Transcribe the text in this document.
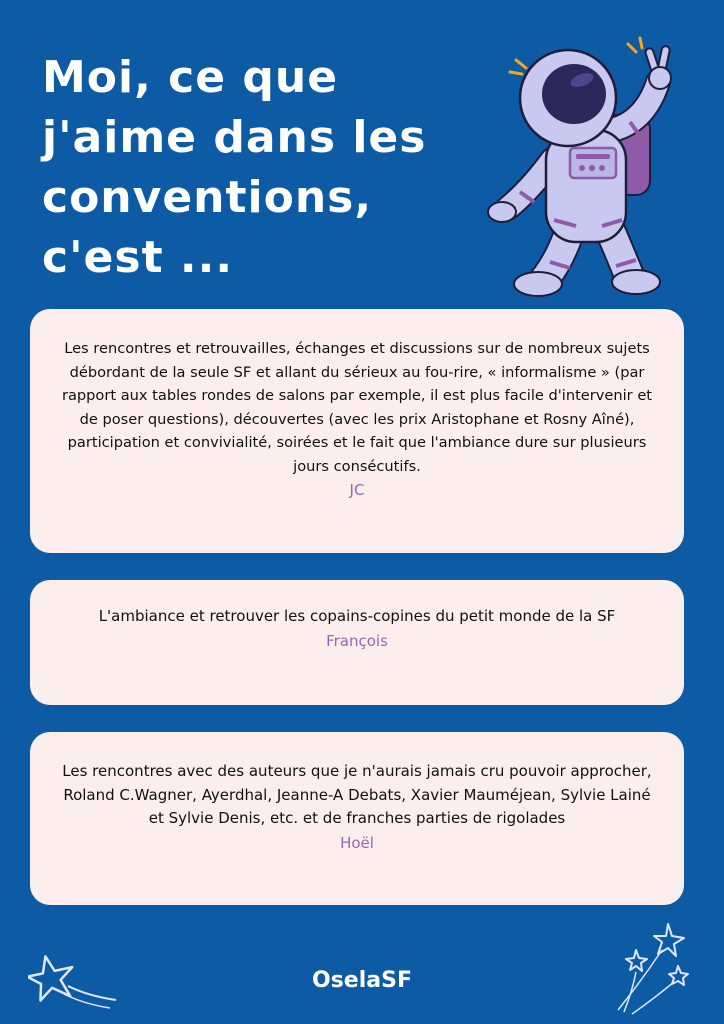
Moi, ce que
j'aime dans les
conventions,
c'est ...
Les rencontres et retrouvailles, échanges et discussions sur de nombreux sujets débordant de la seule SF et allant du sérieux au fou-rire, « informalisme » (par rapport aux tables rondes de salons par exemple, il est plus facile d'intervenir et de poser questions), découvertes (avec les prix Aristophane et Rosny Aîné), participation et convivialité, soirées et le fait que l'ambiance dure sur plusieurs jours consécutifs.
JC
L'ambiance et retrouver les copains-copines du petit monde de la SF
François
Les rencontres avec des auteurs que je n'aurais jamais cru pouvoir approcher, Roland C.Wagner, Ayerdhal, Jeanne-A Debats, Xavier Mauméjean, Sylvie Lainé et Sylvie Denis, etc. et de franches parties de rigolades
Hoël
OselaSF
